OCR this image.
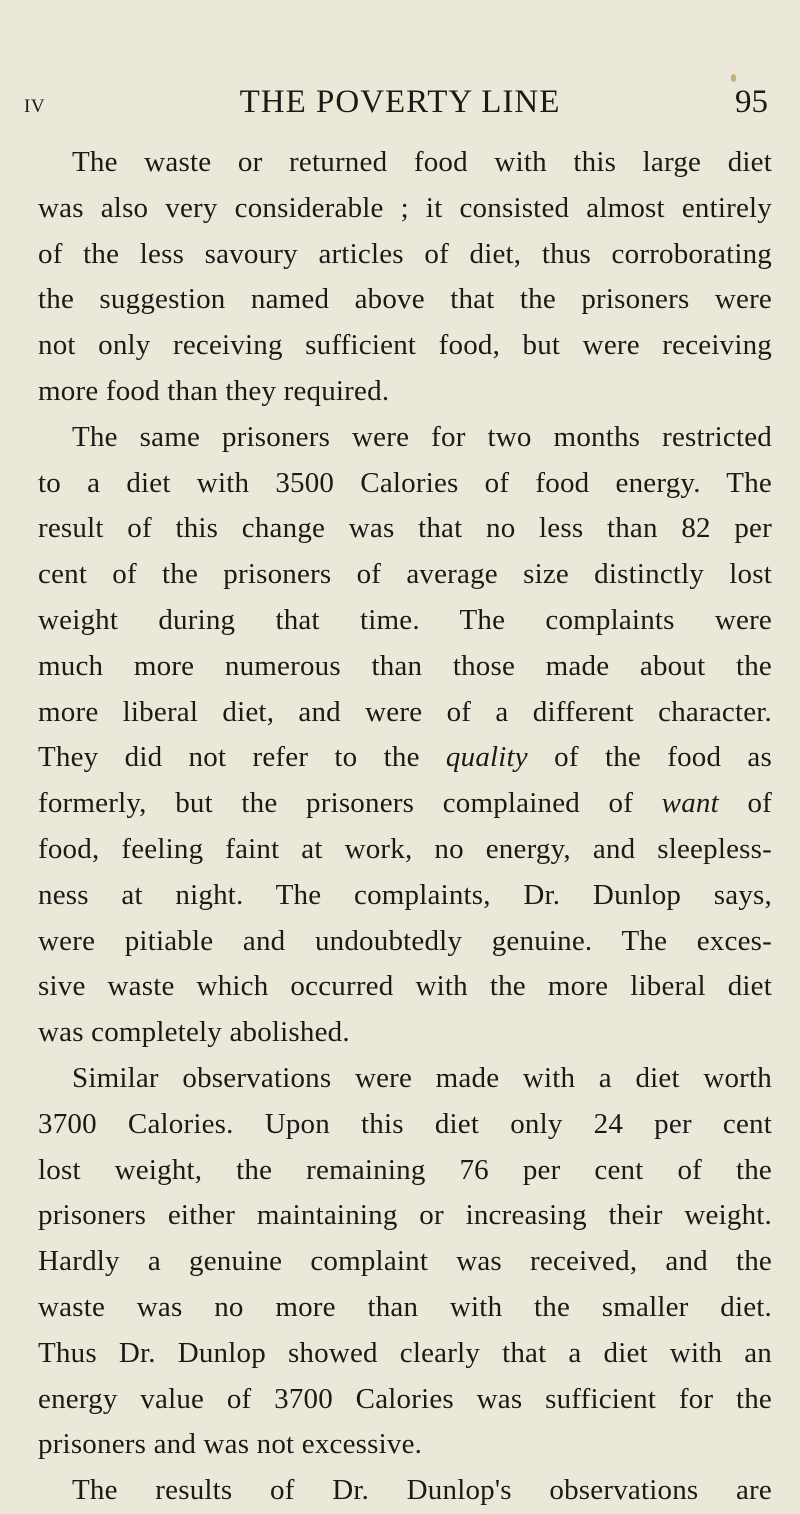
IV	THE POVERTY LINE	95
The waste or returned food with this large diet
was also very considerable ; it consisted almost entirely
of the less savoury articles of diet, thus corroborating
the suggestion named above that the prisoners were
not only receiving sufficient food, but were receiving
more food than they required.
The same prisoners were for two months restricted
to a diet with 3500 Calories of food energy. The
result of this change was that no less than 82 per
cent of the prisoners of average size distinctly lost
weight during that time. The complaints were
much more numerous than those made about the
more liberal diet, and were of a different character.
They did not refer to the quality of the food as
formerly, but the prisoners complained of want of
food, feeling faint at work, no energy, and sleepless-
ness at night. The complaints, Dr. Dunlop says,
were pitiable and undoubtedly genuine. The exces-
sive waste which occurred with the more liberal diet
was completely abolished.
Similar observations were made with a diet worth
3700 Calories. Upon this diet only 24 per cent
lost weight, the remaining 76 per cent of the
prisoners either maintaining or increasing their weight.
Hardly a genuine complaint was received, and the
waste was no more than with the smaller diet.
Thus Dr. Dunlop showed clearly that a diet with an
energy value of 3700 Calories was sufficient for the
prisoners and was not excessive.
The results of Dr. Dunlop's observations are
